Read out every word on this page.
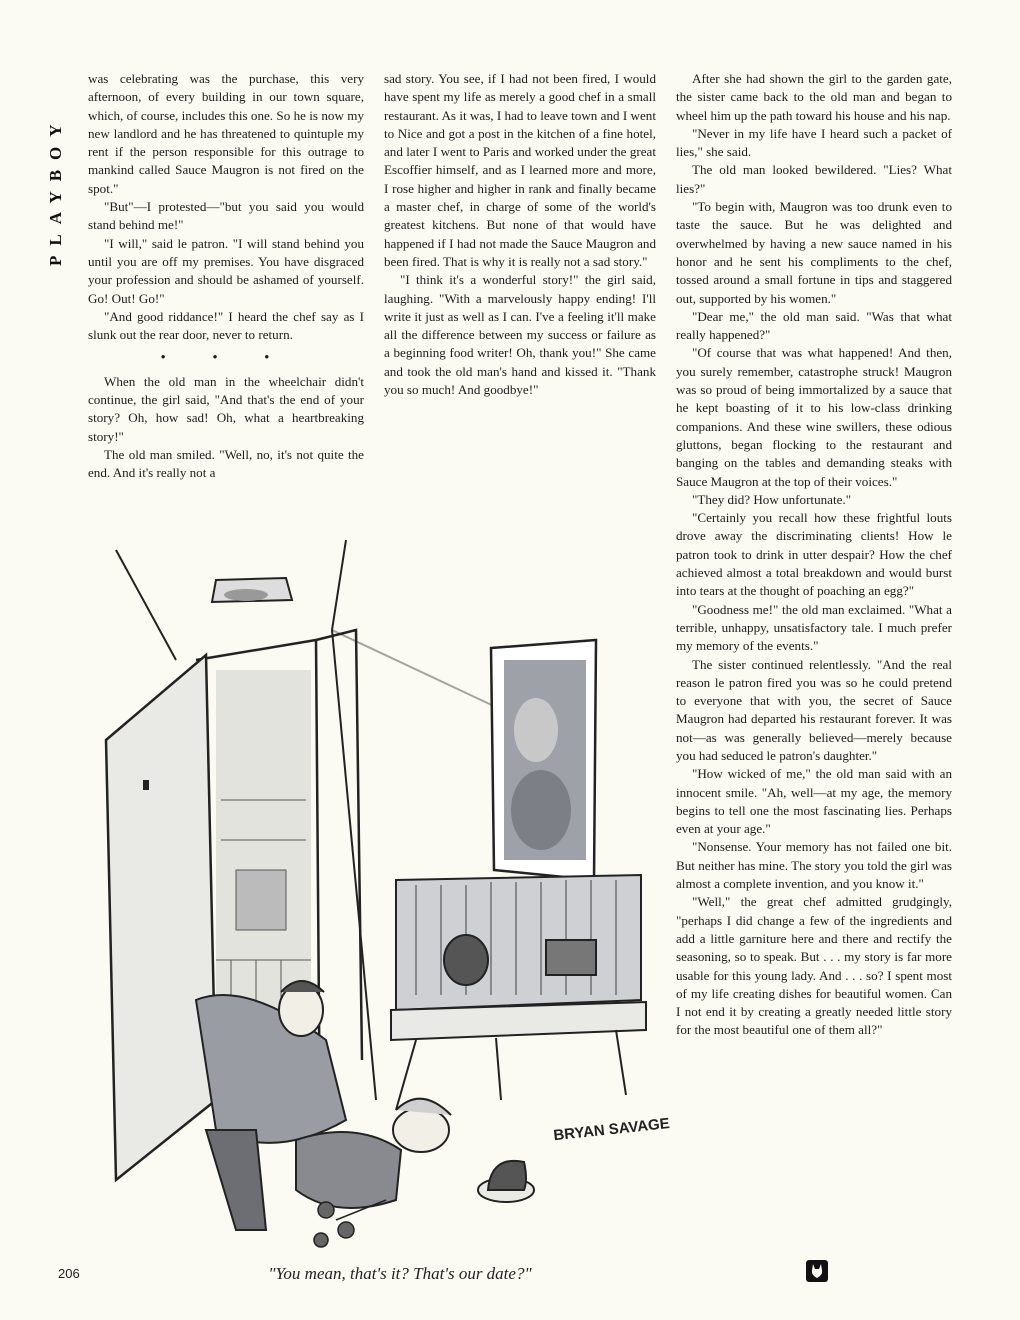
PLAYBOY

was celebrating was the purchase, this very afternoon, of every building in our town square, which, of course, includes this one. So he is now my new landlord and he has threatened to quintuple my rent if the person responsible for this outrage to mankind called Sauce Maugron is not fired on the spot."

"But"—I protested—"but you said you would stand behind me!"

"I will," said le patron. "I will stand behind you until you are off my premises. You have disgraced your profession and should be ashamed of yourself. Go! Out! Go!"

"And good riddance!" I heard the chef say as I slunk out the rear door, never to return.

• • •

When the old man in the wheelchair didn't continue, the girl said, "And that's the end of your story? Oh, how sad! Oh, what a heartbreaking story!"

The old man smiled. "Well, no, it's not quite the end. And it's really not a

sad story. You see, if I had not been fired, I would have spent my life as merely a good chef in a small restaurant. As it was, I had to leave town and I went to Nice and got a post in the kitchen of a fine hotel, and later I went to Paris and worked under the great Escoffier himself, and as I learned more and more, I rose higher and higher in rank and finally became a master chef, in charge of some of the world's greatest kitchens. But none of that would have happened if I had not made the Sauce Maugron and been fired. That is why it is really not a sad story."

"I think it's a wonderful story!" the girl said, laughing. "With a marvelously happy ending! I'll write it just as well as I can. I've a feeling it'll make all the difference between my success or failure as a beginning food writer! Oh, thank you!" She came and took the old man's hand and kissed it. "Thank you so much! And goodbye!"

After she had shown the girl to the garden gate, the sister came back to the old man and began to wheel him up the path toward his house and his nap.

"Never in my life have I heard such a packet of lies," she said.

The old man looked bewildered. "Lies? What lies?"

"To begin with, Maugron was too drunk even to taste the sauce. But he was delighted and overwhelmed by having a new sauce named in his honor and he sent his compliments to the chef, tossed around a small fortune in tips and staggered out, supported by his women."

"Dear me," the old man said. "Was that what really happened?"

"Of course that was what happened! And then, you surely remember, catastrophe struck! Maugron was so proud of being immortalized by a sauce that he kept boasting of it to his low-class drinking companions. And these wine swillers, these odious gluttons, began flocking to the restaurant and banging on the tables and demanding steaks with Sauce Maugron at the top of their voices."

"They did? How unfortunate."

"Certainly you recall how these frightful louts drove away the discriminating clients! How le patron took to drink in utter despair? How the chef achieved almost a total breakdown and would burst into tears at the thought of poaching an egg?"

"Goodness me!" the old man exclaimed. "What a terrible, unhappy, unsatisfactory tale. I much prefer my memory of the events."

The sister continued relentlessly. "And the real reason le patron fired you was so he could pretend to everyone that with you, the secret of Sauce Maugron had departed his restaurant forever. It was not—as was generally believed—merely because you had seduced le patron's daughter."

"How wicked of me," the old man said with an innocent smile. "Ah, well—at my age, the memory begins to tell one the most fascinating lies. Perhaps even at your age."

"Nonsense. Your memory has not failed one bit. But neither has mine. The story you told the girl was almost a complete invention, and you know it."

"Well," the great chef admitted grudgingly, "perhaps I did change a few of the ingredients and add a little garniture here and there and rectify the seasoning, so to speak. But . . . my story is far more usable for this young lady. And . . . so? I spent most of my life creating dishes for beautiful women. Can I not end it by creating a greatly needed little story for the most beautiful one of them all?"

BRYAN SAVAGE
"You mean, that's it? That's our date?"
206
